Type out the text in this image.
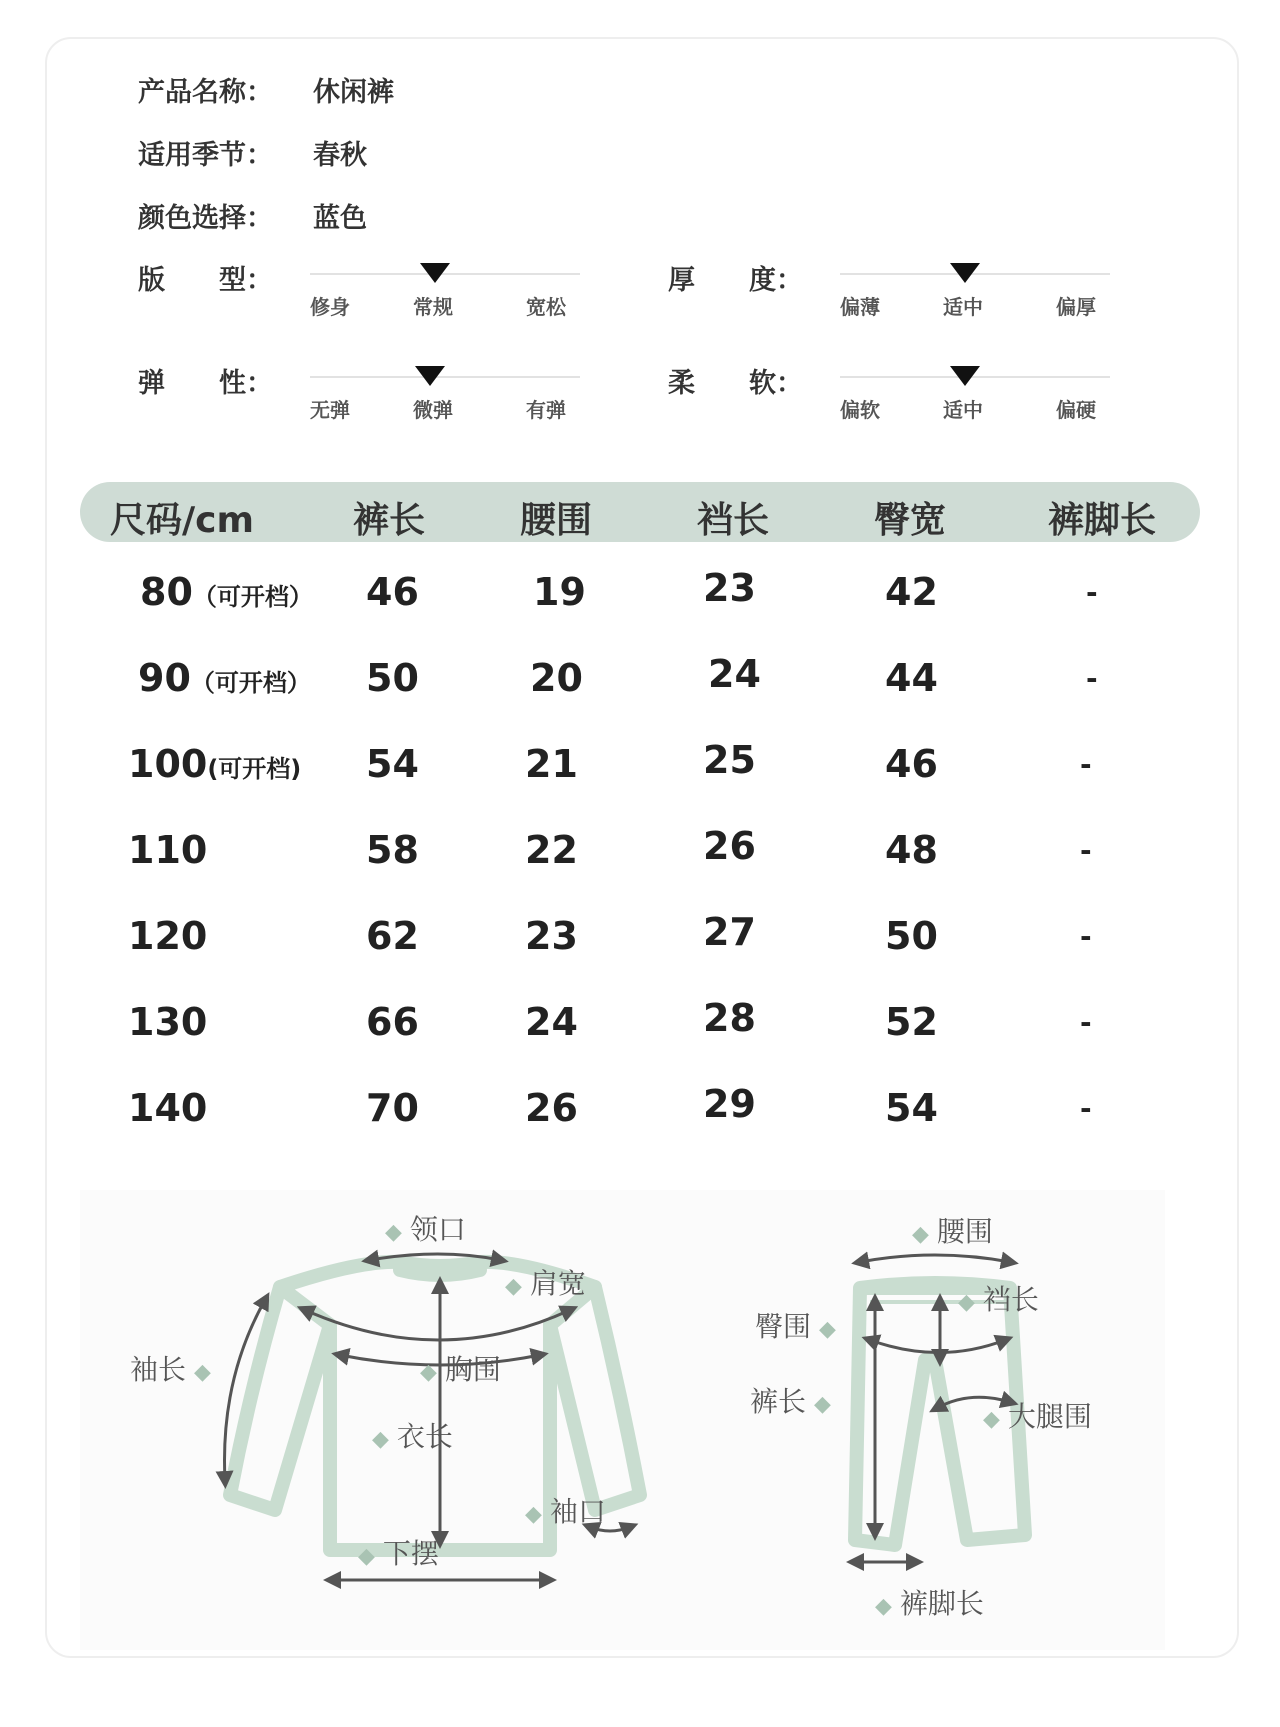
产品名称： 休闲裤
适用季节： 春秋
颜色选择： 蓝色
版　　型：
修身	常规	宽松
厚　　度：
偏薄	适中	偏厚
弹　　性：
无弹	微弹	有弹
柔　　软：
偏软	适中	偏硬
尺码/cm	裤长	腰围	裆长	臀宽	裤脚长
80（可开档） 46	19	23	42	-
90（可开档） 50	20	24	44	-
100(可开档) 54	21	25	46	-
110	58	22	26	48	-
120	62	23	27	50	-
130	66	24	28	52	-
140	70	26	29	54	-
◆ 领口
◆ 肩宽
袖长 ◆	◆ 胸围
◆ 衣长
◆ 袖口
◆ 下摆
◆ 腰围
◆ 裆长
臀围 ◆
裤长 ◆
◆ 大腿围
◆ 裤脚长
